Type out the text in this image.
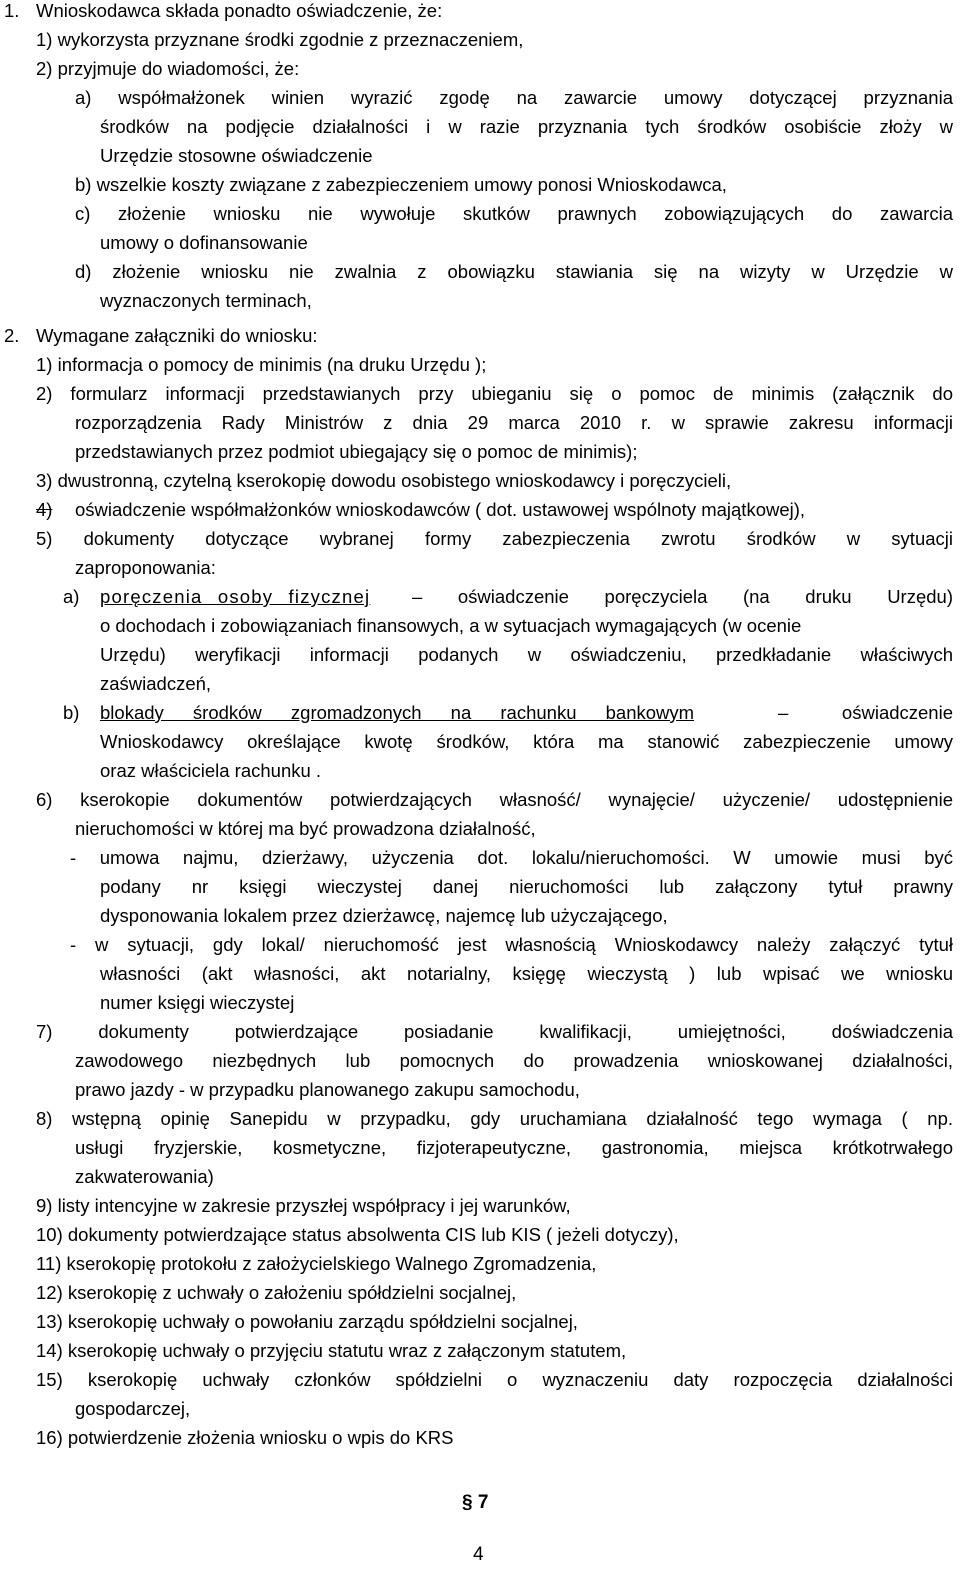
1. Wnioskodawca składa ponadto oświadczenie, że:
1) wykorzysta przyznane środki zgodnie z przeznaczeniem,
2) przyjmuje do wiadomości, że:
a) współmałżonek winien wyrazić zgodę na zawarcie umowy dotyczącej przyznania
środków na podjęcie działalności i w razie przyznania tych środków osobiście złoży w
Urzędzie stosowne oświadczenie
b) wszelkie koszty związane z zabezpieczeniem umowy ponosi Wnioskodawca,
c) złożenie wniosku nie wywołuje skutków prawnych zobowiązujących do zawarcia
umowy o dofinansowanie
d) złożenie wniosku nie zwalnia z obowiązku stawiania się na wizyty w Urzędzie w
wyznaczonych terminach,
2. Wymagane załączniki do wniosku:
1) informacja o pomocy de minimis (na druku Urzędu );
2) formularz informacji przedstawianych przy ubieganiu się o pomoc de minimis (załącznik do
rozporządzenia Rady Ministrów z dnia 29 marca 2010 r. w sprawie zakresu informacji
przedstawianych przez podmiot ubiegający się o pomoc de minimis);
3) dwustronną, czytelną kserokopię dowodu osobistego wnioskodawcy i poręczycieli,
4) oświadczenie współmałżonków wnioskodawców ( dot. ustawowej wspólnoty majątkowej),
5) dokumenty dotyczące wybranej formy zabezpieczenia zwrotu środków w sytuacji
zaproponowania:
a) poręczenia osoby fizycznej – oświadczenie poręczyciela (na druku Urzędu)
o dochodach i zobowiązaniach finansowych, a w sytuacjach wymagających (w ocenie
Urzędu) weryfikacji informacji podanych w oświadczeniu, przedkładanie właściwych
zaświadczeń,
b) blokady środków zgromadzonych na rachunku bankowym	– oświadczenie
Wnioskodawcy określające kwotę środków, która ma stanowić zabezpieczenie umowy
oraz właściciela rachunku .
6) kserokopie dokumentów potwierdzających własność/ wynajęcie/ użyczenie/ udostępnienie
nieruchomości w której ma być prowadzona działalność,
- umowa najmu, dzierżawy, użyczenia dot. lokalu/nieruchomości. W umowie musi być
podany nr księgi wieczystej danej nieruchomości lub załączony tytuł prawny
dysponowania lokalem przez dzierżawcę, najemcę lub użyczającego,
- w sytuacji, gdy lokal/ nieruchomość jest własnością Wnioskodawcy należy załączyć tytuł
własności (akt własności, akt notarialny, księgę wieczystą ) lub wpisać we wniosku
numer księgi wieczystej
7) dokumenty potwierdzające posiadanie kwalifikacji, umiejętności, doświadczenia
zawodowego niezbędnych lub pomocnych do prowadzenia wnioskowanej działalności,
prawo jazdy - w przypadku planowanego zakupu samochodu,
8) wstępną opinię Sanepidu w przypadku, gdy uruchamiana działalność tego wymaga ( np.
usługi fryzjerskie, kosmetyczne, fizjoterapeutyczne, gastronomia, miejsca krótkotrwałego
zakwaterowania)
9) listy intencyjne w zakresie przyszłej współpracy i jej warunków,
10) dokumenty potwierdzające status absolwenta CIS lub KIS ( jeżeli dotyczy),
11) kserokopię protokołu z założycielskiego Walnego Zgromadzenia,
12) kserokopię z uchwały o założeniu spółdzielni socjalnej,
13) kserokopię uchwały o powołaniu zarządu spółdzielni socjalnej,
14) kserokopię uchwały o przyjęciu statutu wraz z załączonym statutem,
15) kserokopię uchwały członków spółdzielni o wyznaczeniu daty rozpoczęcia działalności
gospodarczej,
16) potwierdzenie złożenia wniosku o wpis do KRS
§ 7
4
